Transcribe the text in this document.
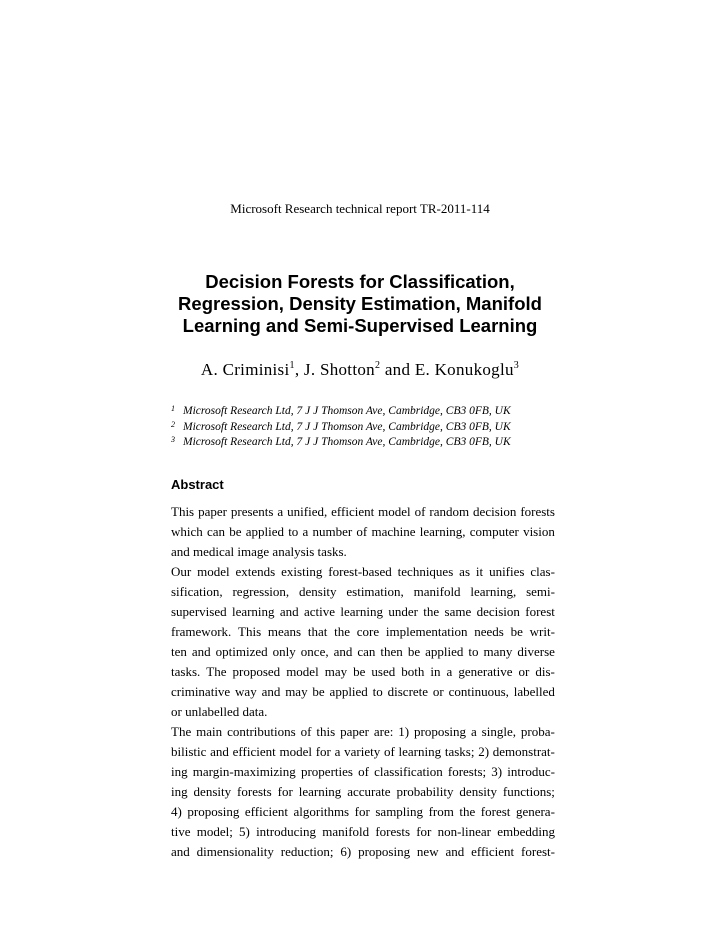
Microsoft Research technical report TR-2011-114
Decision Forests for Classification,
Regression, Density Estimation, Manifold
Learning and Semi-Supervised Learning
A. Criminisi$^1$, J. Shotton$^2$ and E. Konukoglu$^3$
1 Microsoft Research Ltd, 7 J J Thomson Ave, Cambridge, CB3 0FB, UK
2 Microsoft Research Ltd, 7 J J Thomson Ave, Cambridge, CB3 0FB, UK
3 Microsoft Research Ltd, 7 J J Thomson Ave, Cambridge, CB3 0FB, UK
Abstract
This paper presents a unified, efficient model of random decision forests
which can be applied to a number of machine learning, computer vision
and medical image analysis tasks.
Our model extends existing forest-based techniques as it unifies clas-
sification, regression, density estimation, manifold learning, semi-
supervised learning and active learning under the same decision forest
framework. This means that the core implementation needs be writ-
ten and optimized only once, and can then be applied to many diverse
tasks. The proposed model may be used both in a generative or dis-
criminative way and may be applied to discrete or continuous, labelled
or unlabelled data.
The main contributions of this paper are: 1) proposing a single, proba-
bilistic and efficient model for a variety of learning tasks; 2) demonstrat-
ing margin-maximizing properties of classification forests; 3) introduc-
ing density forests for learning accurate probability density functions;
4) proposing efficient algorithms for sampling from the forest genera-
tive model; 5) introducing manifold forests for non-linear embedding
and dimensionality reduction; 6) proposing new and efficient forest-
